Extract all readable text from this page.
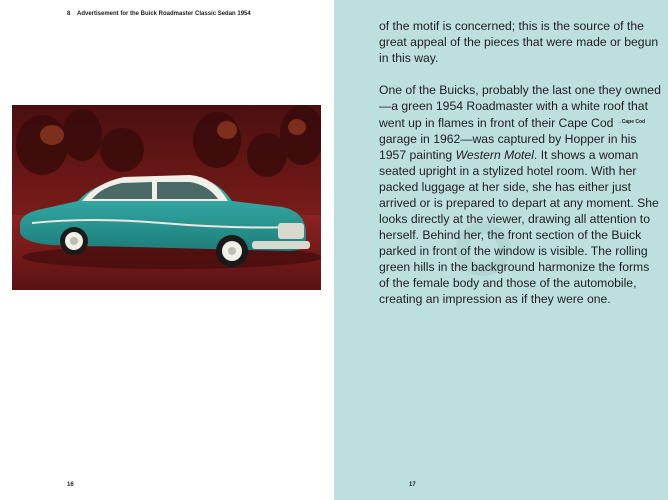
8 Advertisement for the Buick Roadmaster Classic Sedan 1954
16	17

of the motif is concerned; this is the source of the great appeal of the pieces that were made or begun in this way.

One of the Buicks, probably the last one they owned—a green 1954 Roadmaster with a white roof that went up in flames in front of their Cape Cod $^{\to Cape Cod}$ garage in 1962—was captured by Hopper in his 1957 painting Western Motel. It shows a woman seated upright in a stylized hotel room. With her packed luggage at her side, she has either just arrived or is prepared to depart at any moment. She looks directly at the viewer, drawing all attention to herself. Behind her, the front section of the Buick parked in front of the window is visible. The rolling green hills in the background harmonize the forms of the female body and those of the automobile, creating an impression as if they were one.
